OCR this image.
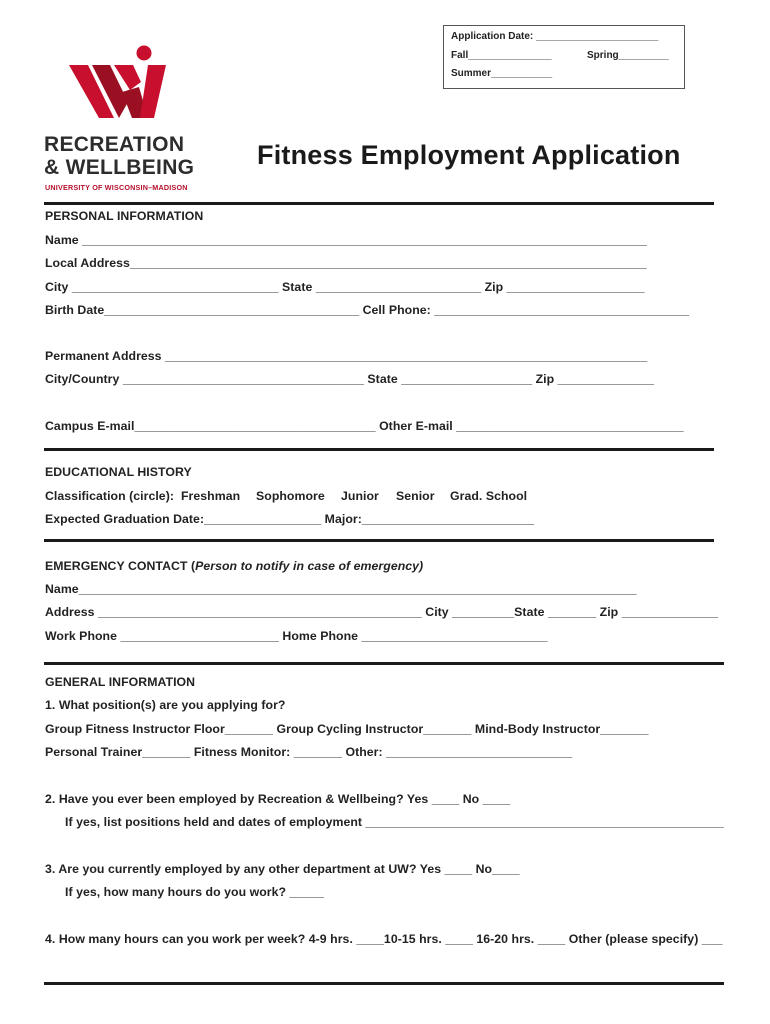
RECREATION
& WELLBEING
UNIVERSITY OF WISCONSIN–MADISON
Application Date: ______________________
Fall_______________	Spring_________
Summer___________
Fitness Employment Application
PERSONAL INFORMATION
Name __________________________________________________________________________________
Local Address___________________________________________________________________________
City ______________________________ State ________________________ Zip ____________________
Birth Date_____________________________________ Cell Phone: _____________________________________
Permanent Address ______________________________________________________________________
City/Country ___________________________________ State ___________________ Zip ______________
Campus E-mail___________________________________ Other E-mail _________________________________
EDUCATIONAL HISTORY
Classification (circle): Freshman Sophomore Junior Senior Grad. School
Expected Graduation Date:_________________ Major:_________________________
EMERGENCY CONTACT (Person to notify in case of emergency)
Name_________________________________________________________________________________
Address _______________________________________________ City _________State _______ Zip ______________
Work Phone _______________________ Home Phone ___________________________
GENERAL INFORMATION
1. What position(s) are you applying for?
Group Fitness Instructor Floor_______ Group Cycling Instructor_______ Mind-Body Instructor_______
Personal Trainer_______ Fitness Monitor: _______ Other: ___________________________
2. Have you ever been employed by Recreation & Wellbeing? Yes ____ No ____
If yes, list positions held and dates of employment ____________________________________________________
3. Are you currently employed by any other department at UW? Yes ____ No____
If yes, how many hours do you work? _____
4. How many hours can you work per week? 4-9 hrs. ____10-15 hrs. ____ 16-20 hrs. ____ Other (please specify) ___
